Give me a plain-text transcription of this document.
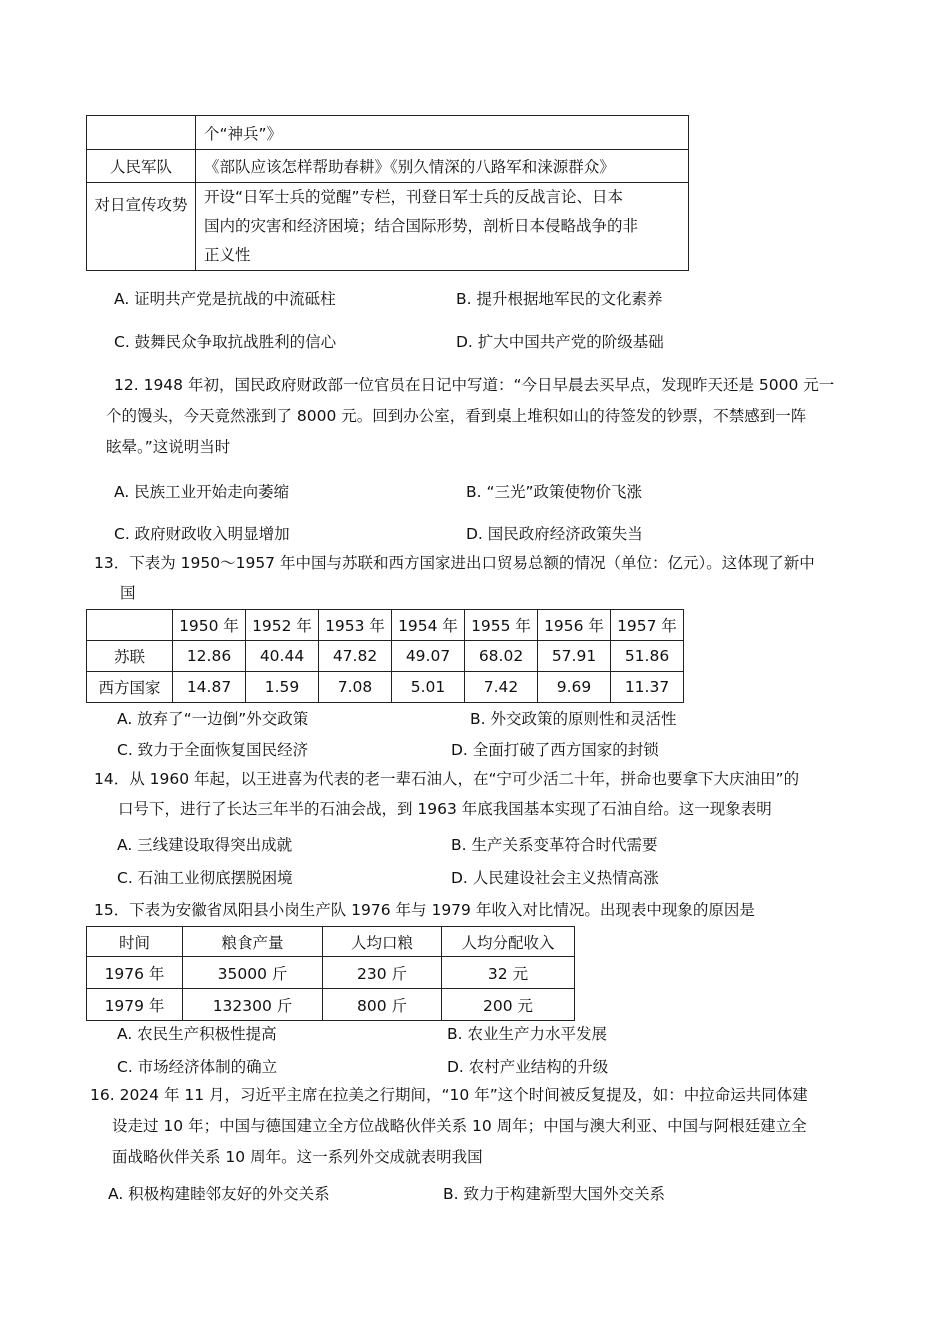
	个“神兵”》
人民军队	《部队应该怎样帮助春耕》《别久情深的八路军和涞源群众》
对日宣传攻势	开设“日军士兵的觉醒”专栏，刊登日军士兵的反战言论、日本
国内的灾害和经济困境；结合国际形势，剖析日本侵略战争的非
正义性
A. 证明共产党是抗战的中流砥柱	B. 提升根据地军民的文化素养
C. 鼓舞民众争取抗战胜利的信心	D. 扩大中国共产党的阶级基础
12. 1948 年初，国民政府财政部一位官员在日记中写道：“今日早晨去买早点，发现昨天还是 5000 元一
个的馒头，今天竟然涨到了 8000 元。回到办公室，看到桌上堆积如山的待签发的钞票，不禁感到一阵
眩晕。”这说明当时
A. 民族工业开始走向萎缩	B. “三光”政策使物价飞涨
C. 政府财政收入明显增加	D. 国民政府经济政策失当
13．下表为 1950～1957 年中国与苏联和西方国家进出口贸易总额的情况（单位：亿元）。这体现了新中
国
	1950 年	1952 年	1953 年	1954 年	1955 年	1956 年	1957 年
苏联	12.86	40.44	47.82	49.07	68.02	57.91	51.86
西方国家	14.87	1.59	7.08	5.01	7.42	9.69	11.37
A. 放弃了“一边倒”外交政策	B. 外交政策的原则性和灵活性
C. 致力于全面恢复国民经济	D. 全面打破了西方国家的封锁
14．从 1960 年起，以王进喜为代表的老一辈石油人，在“宁可少活二十年，拼命也要拿下大庆油田”的
口号下，进行了长达三年半的石油会战，到 1963 年底我国基本实现了石油自给。这一现象表明
A. 三线建设取得突出成就	B. 生产关系变革符合时代需要
C. 石油工业彻底摆脱困境	D. 人民建设社会主义热情高涨
15．下表为安徽省凤阳县小岗生产队 1976 年与 1979 年收入对比情况。出现表中现象的原因是
时间	粮食产量	人均口粮	人均分配收入
1976 年	35000 斤	230 斤	32 元
1979 年	132300 斤	800 斤	200 元
A. 农民生产积极性提高	B. 农业生产力水平发展
C. 市场经济体制的确立	D. 农村产业结构的升级
16. 2024 年 11 月，习近平主席在拉美之行期间，“10 年”这个时间被反复提及，如：中拉命运共同体建
设走过 10 年；中国与德国建立全方位战略伙伴关系 10 周年；中国与澳大利亚、中国与阿根廷建立全
面战略伙伴关系 10 周年。这一系列外交成就表明我国
A. 积极构建睦邻友好的外交关系	B. 致力于构建新型大国外交关系
